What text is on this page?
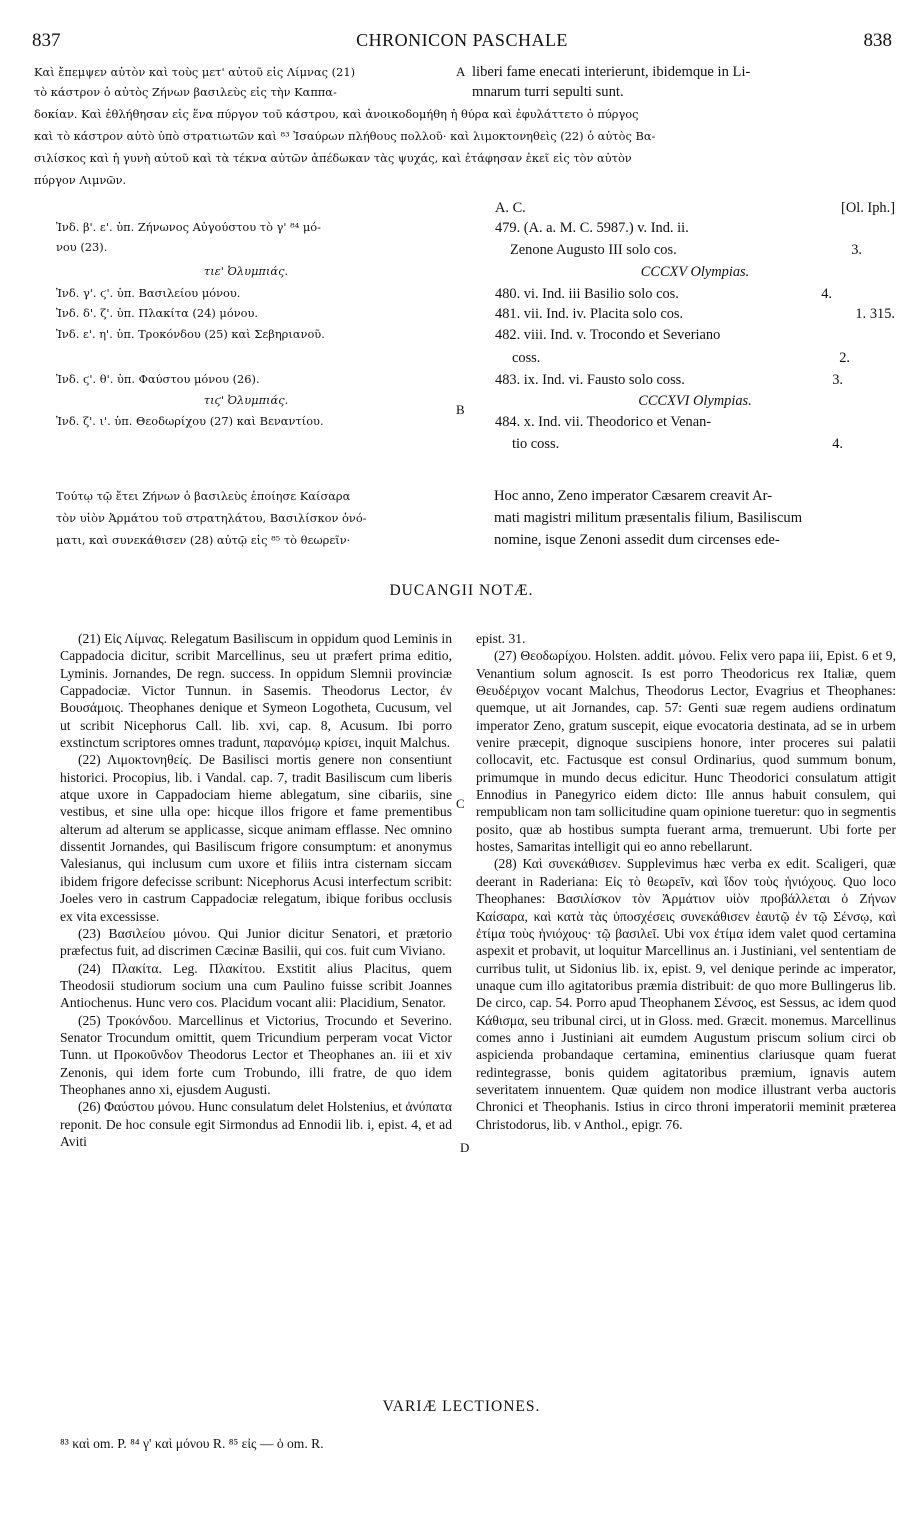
837	CHRONICON PASCHALE	838
Καὶ ἔπεμψεν αὐτὸν καὶ τοὺς μετ' αὐτοῦ εἰς Λίμνας (21)
τὸ κάστρον ὁ αὐτὸς Ζήνων βασιλεὺς εἰς τὴν Καππα-
A liberi fame enecati interierunt, ibidemque in Li-
mnarum turri sepulti sunt.
δοκίαν. Καὶ ἐθλήθησαν εἰς ἕνα πύργον τοῦ κάστρου, καὶ ἀνοικοδομήθη ἡ θύρα καὶ ἐφυλάττετο ὁ πύργος
καὶ τὸ κάστρον αὐτὸ ὑπὸ στρατιωτῶν καὶ ⁸³ Ἰσαύρων πλήθους πολλοῦ· καὶ λιμοκτονηθεὶς (22) ὁ αὐτὸς Βα-
σιλίσκος καὶ ἡ γυνὴ αὐτοῦ καὶ τὰ τέκνα αὐτῶν ἀπέδωκαν τὰς ψυχάς, καὶ ἐτάφησαν ἐκεῖ εἰς τὸν αὐτὸν
πύργον Λιμνῶν.
A. C.	[Ol. Iph.]
Ἰνδ. β'. ε'. ὑπ. Ζήνωνος Αὐγούστου τὸ γ' ⁸⁴ μό-
νου (23).
τιε' Ὀλυμπιάς.
Ἰνδ. γ'. ϛ'. ὑπ. Βασιλείου μόνου.
Ἰνδ. δ'. ζ'. ὑπ. Πλακίτα (24) μόνου.
Ἰνδ. ε'. η'. ὑπ. Τροκόνδου (25) καὶ Σεβηριανοῦ.
Ἰνδ. ϛ'. θ'. ὑπ. Φαύστου μόνου (26).
τιϛ' Ὀλυμπιάς.
Ἰνδ. ζ'. ι'. ὑπ. Θεοδωρίχου (27) καὶ Βεναντίου.
B
479. (A. a. M. C. 5987.) v. Ind. ii.
Zenone Augusto III solo cos.	3.
CCCXV Olympias.
480. vi. Ind. iii Basilio solo cos.	4.
481. vii. Ind. iv. Placita solo cos.	1. 315.
482. viii. Ind. v. Trocondo et Severiano
coss.	2.
483. ix. Ind. vi. Fausto solo coss.	3.
CCCXVI Olympias.
484. x. Ind. vii. Theodorico et Venan-
tio coss.	4.
Τούτῳ τῷ ἔτει Ζήνων ὁ βασιλεὺς ἐποίησε Καίσαρα
τὸν υἱὸν Ἀρμάτου τοῦ στρατηλάτου, Βασιλίσκον ὀνό-
ματι, καὶ συνεκάθισεν (28) αὐτῷ εἰς ⁸⁵ τὸ θεωρεῖν·
Hoc anno, Zeno imperator Cæsarem creavit Ar-
mati magistri militum præsentalis filium, Basiliscum
nomine, isque Zenoni assedit dum circenses ede-
DUCANGII NOTÆ.

(21) Εἰς Λίμνας. Relegatum Basiliscum in oppidum quod Leminis in Cappadocia dicitur, scribit Marcellinus, seu ut præfert prima editio, Lyminis. Jornandes, De regn. success. In oppidum Slemnii provinciæ Cappadociæ. Victor Tunnun. in Sasemis. Theodorus Lector, ἐν Βουσάμοις. Theophanes denique et Symeon Logotheta, Cucusum, vel ut scribit Nicephorus Call. lib. xvi, cap. 8, Acusum. Ibi porro exstinctum scriptores omnes tradunt, παρανόμῳ κρίσει, inquit Malchus.

(22) Λιμοκτονηθείς. De Basilisci mortis genere non consentiunt historici. Procopius, lib. i Vandal. cap. 7, tradit Basiliscum cum liberis atque uxore in Cappadociam hieme ablegatum, sine cibariis, sine vestibus, et sine ulla ope: hicque illos frigore et fame prementibus alterum ad alterum se applicasse, sicque animam efflasse. Nec omnino dissentit Jornandes, qui Basiliscum frigore consumptum: et anonymus Valesianus, qui inclusum cum uxore et filiis intra cisternam siccam ibidem frigore defecisse scribunt: Nicephorus Acusi interfectum scribit: Joeles vero in castrum Cappadociæ relegatum, ibique foribus occlusis ex vita excessisse.

(23) Βασιλείου μόνου. Qui Junior dicitur Senatori, et prætorio præfectus fuit, ad discrimen Cæcinæ Basilii, qui cos. fuit cum Viviano.

(24) Πλακίτα. Leg. Πλακίτου. Exstitit alius Placitus, quem Theodosii studiorum socium una cum Paulino fuisse scribit Joannes Antiochenus. Hunc vero cos. Placidum vocant alii: Placidium, Senator.

(25) Τροκόνδου. Marcellinus et Victorius, Trocundo et Severino. Senator Trocundum omittit, quem Tricundium perperam vocat Victor Tunn. ut Προκοῦνδον Theodorus Lector et Theophanes an. iii et xiv Zenonis, qui idem forte cum Trobundo, illi fratre, de quo idem Theophanes anno xi, ejusdem Augusti.

(26) Φαύστου μόνου. Hunc consulatum delet Holstenius, et ἀνύπατα reponit. De hoc consule egit Sirmondus ad Ennodii lib. i, epist. 4, et ad Aviti

C
D

epist. 31.

(27) Θεοδωρίχου. Holsten. addit. μόνου. Felix vero papa iii, Epist. 6 et 9, Venantium solum agnoscit. Is est porro Theodoricus rex Italiæ, quem Θευδέριχον vocant Malchus, Theodorus Lector, Evagrius et Theophanes: quemque, ut ait Jornandes, cap. 57: Genti suæ regem audiens ordinatum imperator Zeno, gratum suscepit, eique evocatoria destinata, ad se in urbem venire præcepit, dignoque suscipiens honore, inter proceres sui palatii collocavit, etc. Factusque est consul Ordinarius, quod summum bonum, primumque in mundo decus edicitur. Hunc Theodorici consulatum attigit Ennodius in Panegyrico eidem dicto: Ille annus habuit consulem, qui rempublicam non tam sollicitudine quam opinione tueretur: quo in segmentis posito, quæ ab hostibus sumpta fuerant arma, tremuerunt. Ubi forte per hostes, Samaritas intelligit qui eo anno rebellarunt.

(28) Καὶ συνεκάθισεν. Supplevimus hæc verba ex edit. Scaligeri, quæ deerant in Raderiana: Εἰς τὸ θεωρεῖν, καὶ ἴδον τοὺς ἡνιόχους. Quo loco Theophanes: Βασιλίσκον τὸν Ἀρμάτιον υἱὸν προβάλλεται ὁ Ζήνων Καίσαρα, καὶ κατὰ τὰς ὑποσχέσεις συνεκάθισεν ἑαυτῷ ἐν τῷ Σένσῳ, καὶ ἐτίμα τοὺς ἡνιόχους· τῷ βασιλεῖ. Ubi vox ἐτίμα idem valet quod certamina aspexit et probavit, ut loquitur Marcellinus an. i Justiniani, vel sententiam de curribus tulit, ut Sidonius lib. ix, epist. 9, vel denique perinde ac imperator, unaque cum illo agitatoribus præmia distribuit: de quo more Bullingerus lib. De circo, cap. 54. Porro apud Theophanem Σένσος, est Sessus, ac idem quod Κάθισμα, seu tribunal circi, ut in Gloss. med. Græcit. monemus. Marcellinus comes anno i Justiniani ait eumdem Augustum priscum solium circi ob aspicienda probandaque certamina, eminentius clariusque quam fuerat redintegrasse, bonis quidem agitatoribus præmium, ignavis autem severitatem innuentem. Quæ quidem non modice illustrant verba auctoris Chronici et Theophanis. Istius in circo throni imperatorii meminit præterea Christodorus, lib. v Anthol., epigr. 76.

VARIÆ LECTIONES.
⁸³ καὶ om. P. ⁸⁴ γ' καὶ μόνου R. ⁸⁵ εἰς — ὁ om. R.
